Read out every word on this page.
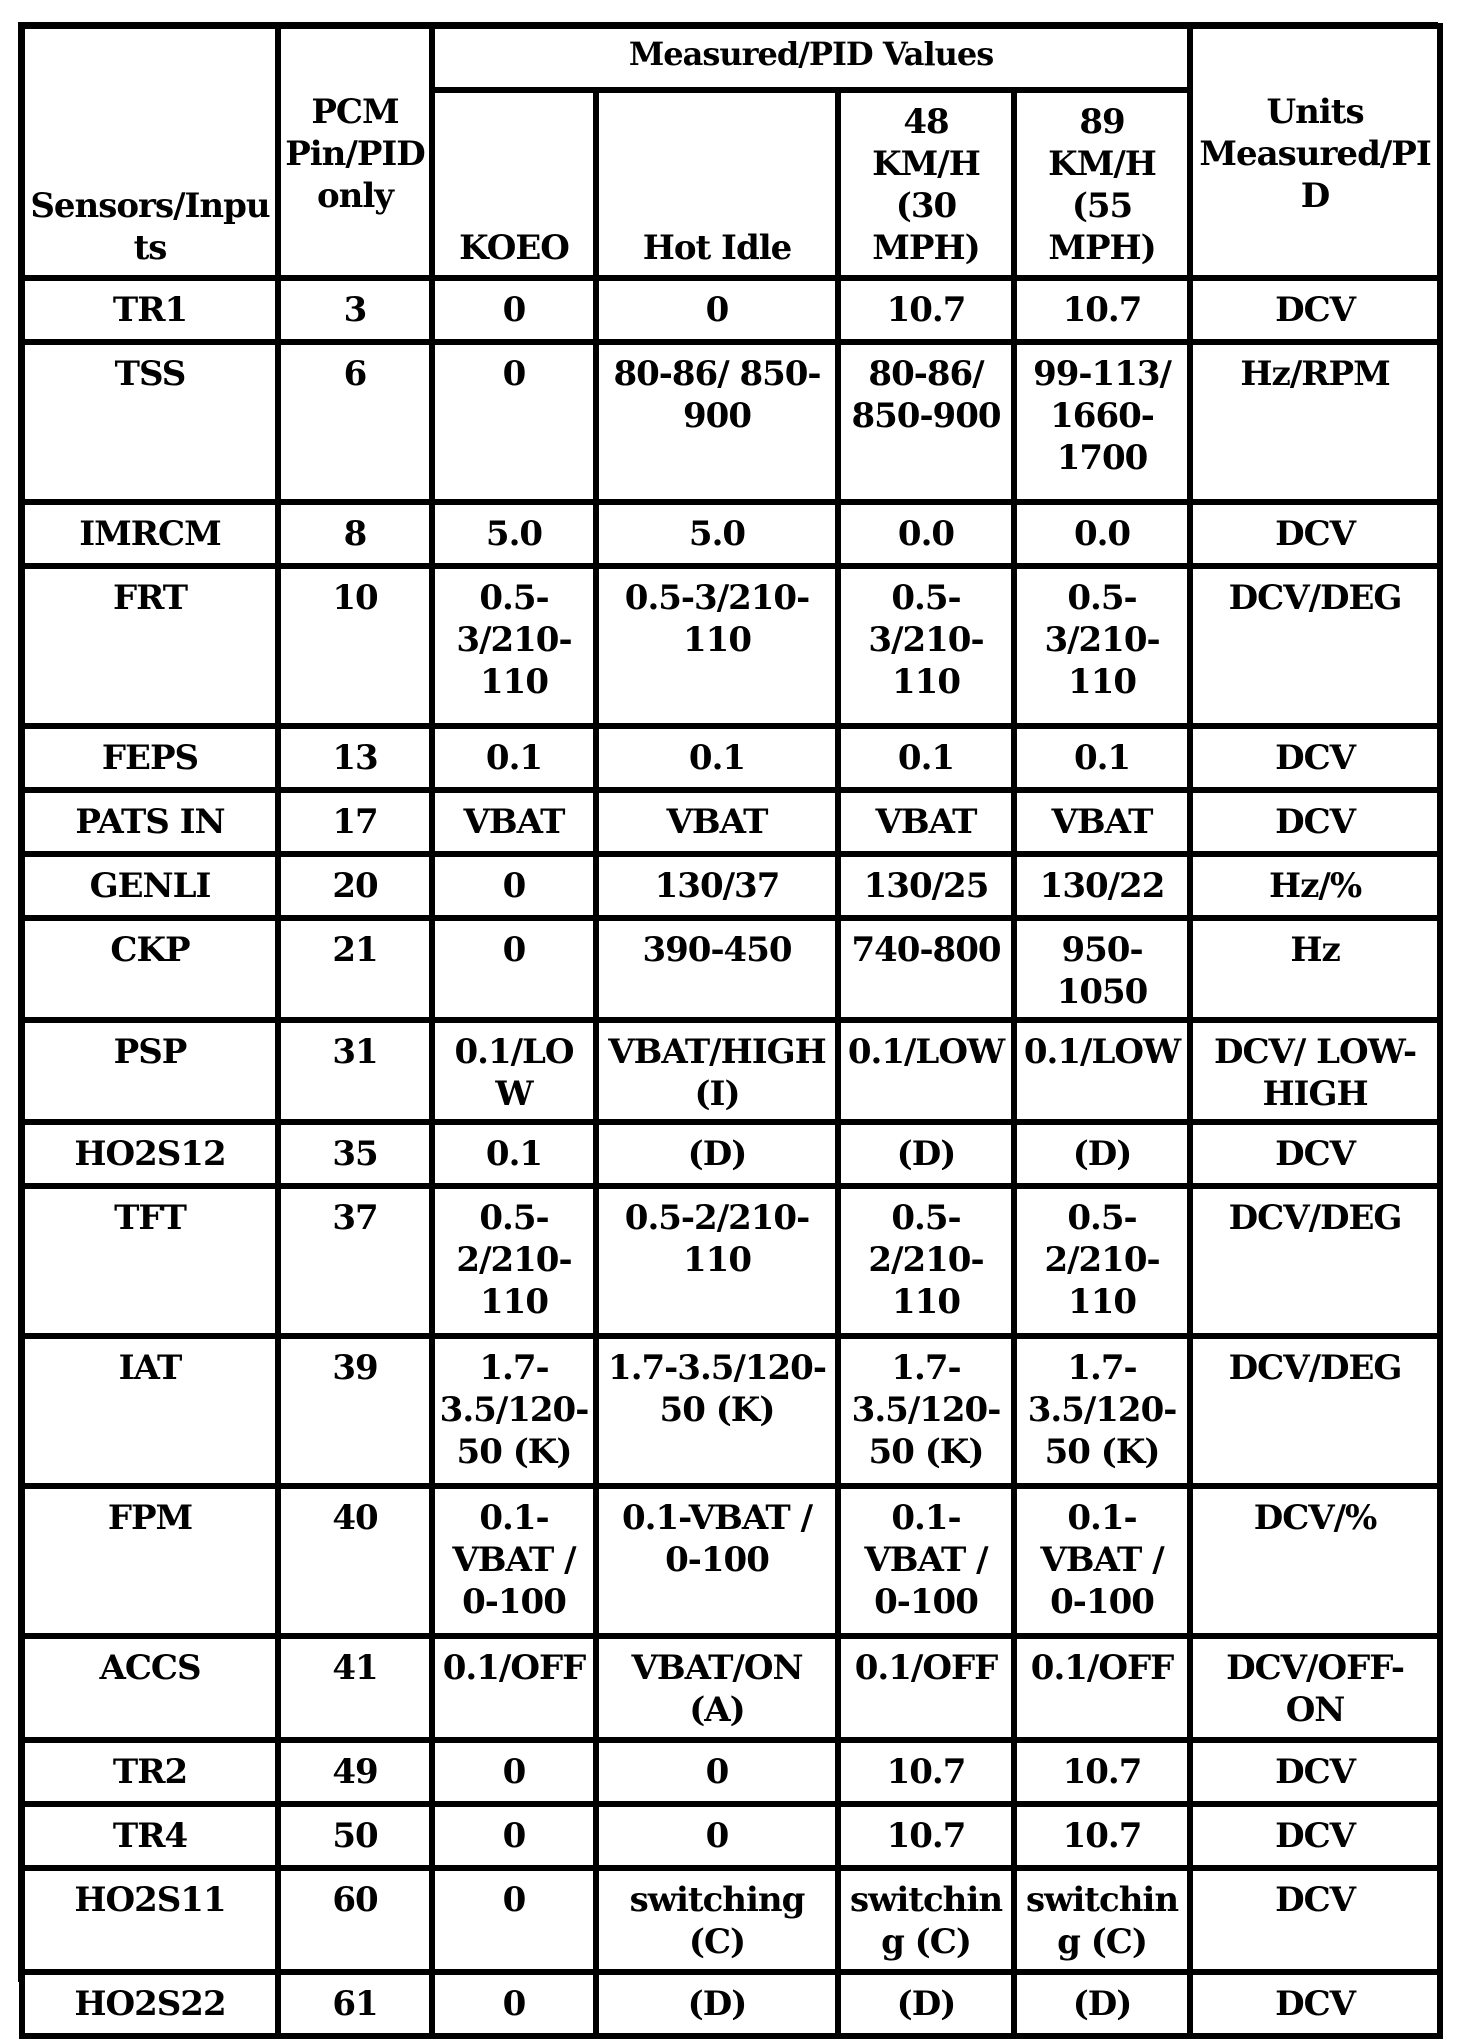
Sensors/Inputs	PCM Pin/PID only	Measured/PID Values				Units Measured/PID
		KOEO	Hot Idle	48 KM/H (30 MPH)	89 KM/H (55 MPH)	
TR1	3	0	0	10.7	10.7	DCV
TSS	6	0	80-86/ 850-900	80-86/ 850-900	99-113/ 1660-1700	Hz/RPM
IMRCM	8	5.0	5.0	0.0	0.0	DCV
FRT	10	0.5-3/210-110	0.5-3/210-110	0.5-3/210-110	0.5-3/210-110	DCV/DEG
FEPS	13	0.1	0.1	0.1	0.1	DCV
PATS IN	17	VBAT	VBAT	VBAT	VBAT	DCV
GENLI	20	0	130/37	130/25	130/22	Hz/%
CKP	21	0	390-450	740-800	950-1050	Hz
PSP	31	0.1/LOW	VBAT/HIGH (I)	0.1/LOW	0.1/LOW	DCV/ LOW-HIGH
HO2S12	35	0.1	(D)	(D)	(D)	DCV
TFT	37	0.5-2/210-110	0.5-2/210-110	0.5-2/210-110	0.5-2/210-110	DCV/DEG
IAT	39	1.7-3.5/120-50 (K)	1.7-3.5/120-50 (K)	1.7-3.5/120-50 (K)	1.7-3.5/120-50 (K)	DCV/DEG
FPM	40	0.1-VBAT / 0-100	0.1-VBAT / 0-100	0.1-VBAT / 0-100	0.1-VBAT / 0-100	DCV/%
ACCS	41	0.1/OFF	VBAT/ON (A)	0.1/OFF	0.1/OFF	DCV/OFF-ON
TR2	49	0	0	10.7	10.7	DCV
TR4	50	0	0	10.7	10.7	DCV
HO2S11	60	0	switching (C)	switching (C)	switching (C)	DCV
HO2S22	61	0	(D)	(D)	(D)	DCV
